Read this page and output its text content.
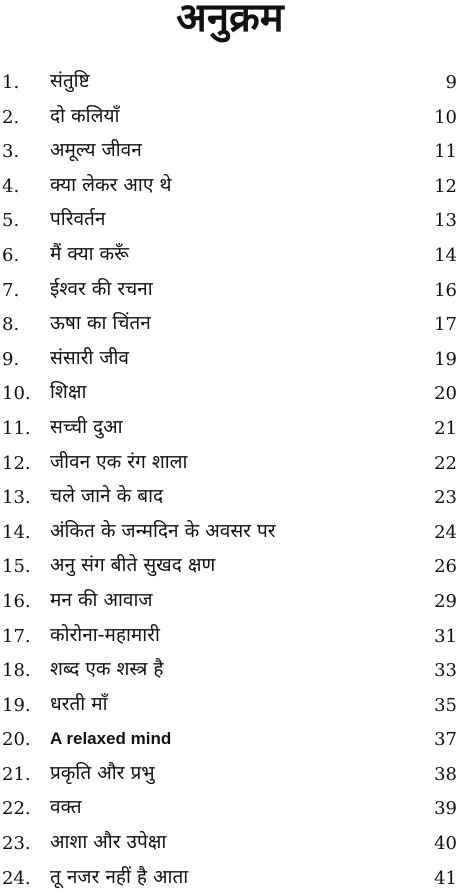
अनुक्रम
1. संतुष्टि	9
2. दो कलियाँ	10
3. अमूल्य जीवन	11
4. क्या लेकर आए थे	12
5. परिवर्तन	13
6. मैं क्या करूँ	14
7. ईश्वर की रचना	16
8. ऊषा का चिंतन	17
9. संसारी जीव	19
10. शिक्षा	20
11. सच्ची दुआ	21
12. जीवन एक रंग शाला	22
13. चले जाने के बाद	23
14. अंकित के जन्मदिन के अवसर पर	24
15. अनु संग बीते सुखद क्षण	26
16. मन की आवाज	29
17. कोरोना-महामारी	31
18. शब्द एक शस्त्र है	33
19. धरती माँ	35
20. A relaxed mind	37
21. प्रकृति और प्रभु	38
22. वक्त	39
23. आशा और उपेक्षा	40
24. तू नजर नहीं है आता	41
